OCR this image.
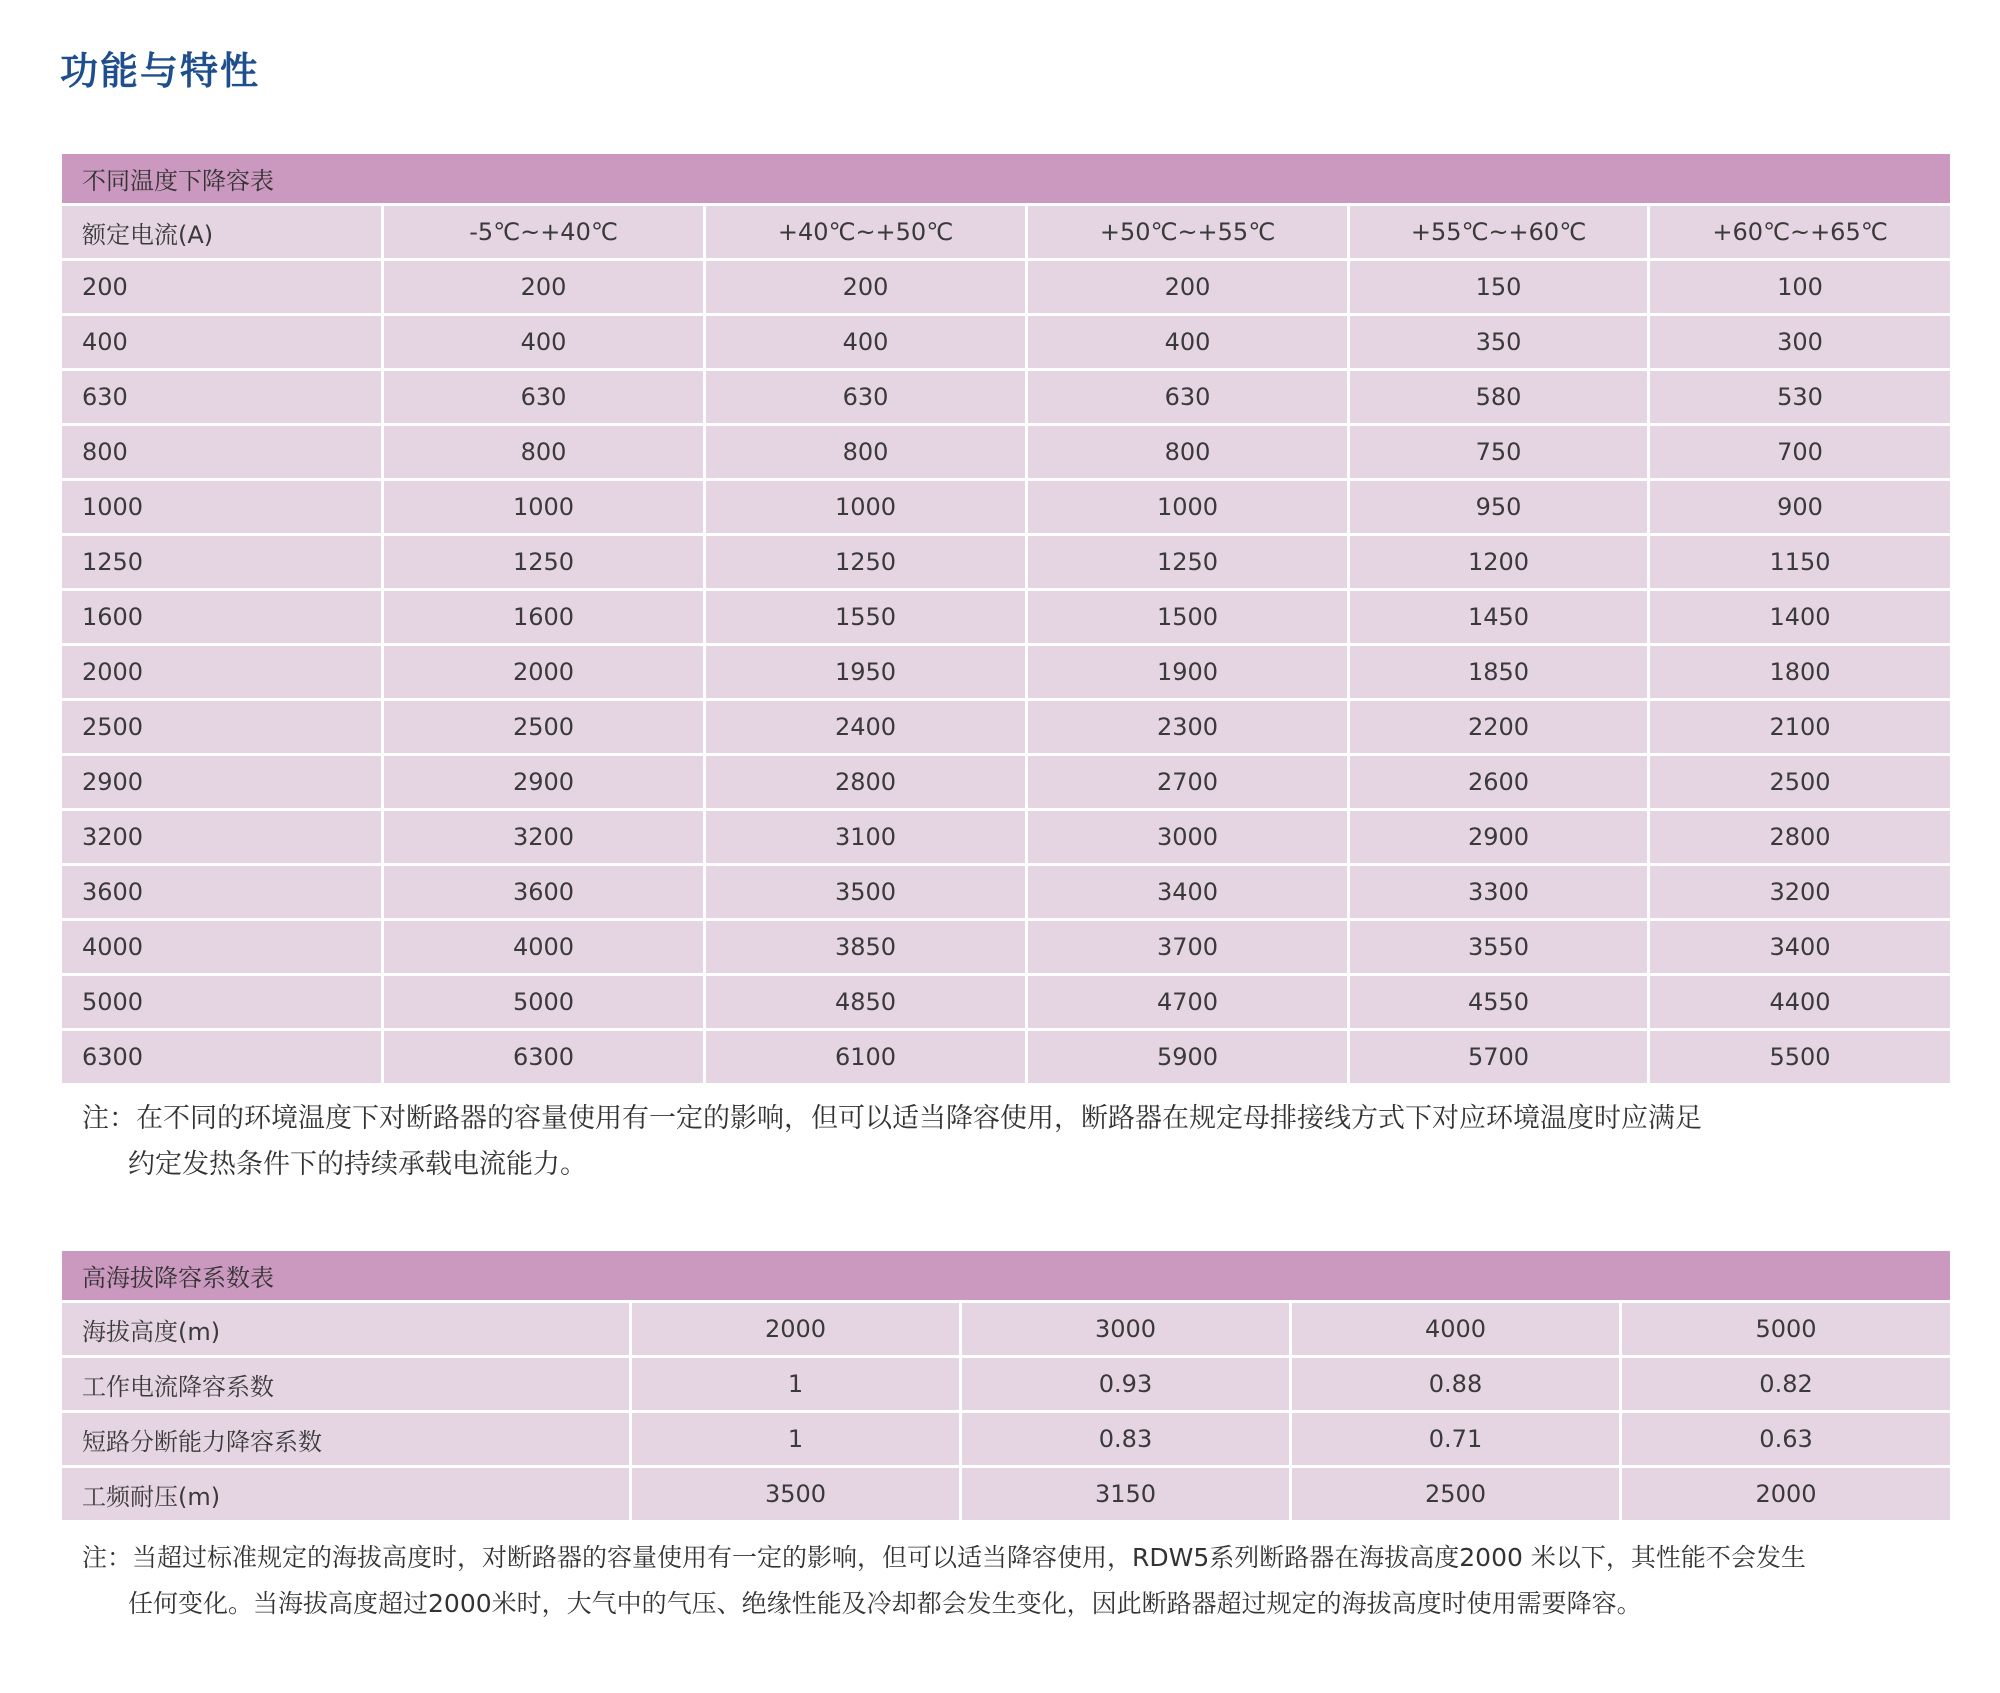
功能与特性
不同温度下降容表					
额定电流(A)	-5℃~+40℃	+40℃~+50℃	+50℃~+55℃	+55℃~+60℃	+60℃~+65℃
200	200	200	200	150	100
400	400	400	400	350	300
630	630	630	630	580	530
800	800	800	800	750	700
1000	1000	1000	1000	950	900
1250	1250	1250	1250	1200	1150
1600	1600	1550	1500	1450	1400
2000	2000	1950	1900	1850	1800
2500	2500	2400	2300	2200	2100
2900	2900	2800	2700	2600	2500
3200	3200	3100	3000	2900	2800
3600	3600	3500	3400	3300	3200
4000	4000	3850	3700	3550	3400
5000	5000	4850	4700	4550	4400
6300	6300	6100	5900	5700	5500
注：在不同的环境温度下对断路器的容量使用有一定的影响，但可以适当降容使用，断路器在规定母排接线方式下对应环境温度时应满足
约定发热条件下的持续承载电流能力。
高海拔降容系数表				
海拔高度(m)	2000	3000	4000	5000
工作电流降容系数	1	0.93	0.88	0.82
短路分断能力降容系数	1	0.83	0.71	0.63
工频耐压(m)	3500	3150	2500	2000
注：当超过标准规定的海拔高度时，对断路器的容量使用有一定的影响，但可以适当降容使用，RDW5系列断路器在海拔高度2000 米以下，其性能不会发生
任何变化。当海拔高度超过2000米时，大气中的气压、绝缘性能及冷却都会发生变化，因此断路器超过规定的海拔高度时使用需要降容。
